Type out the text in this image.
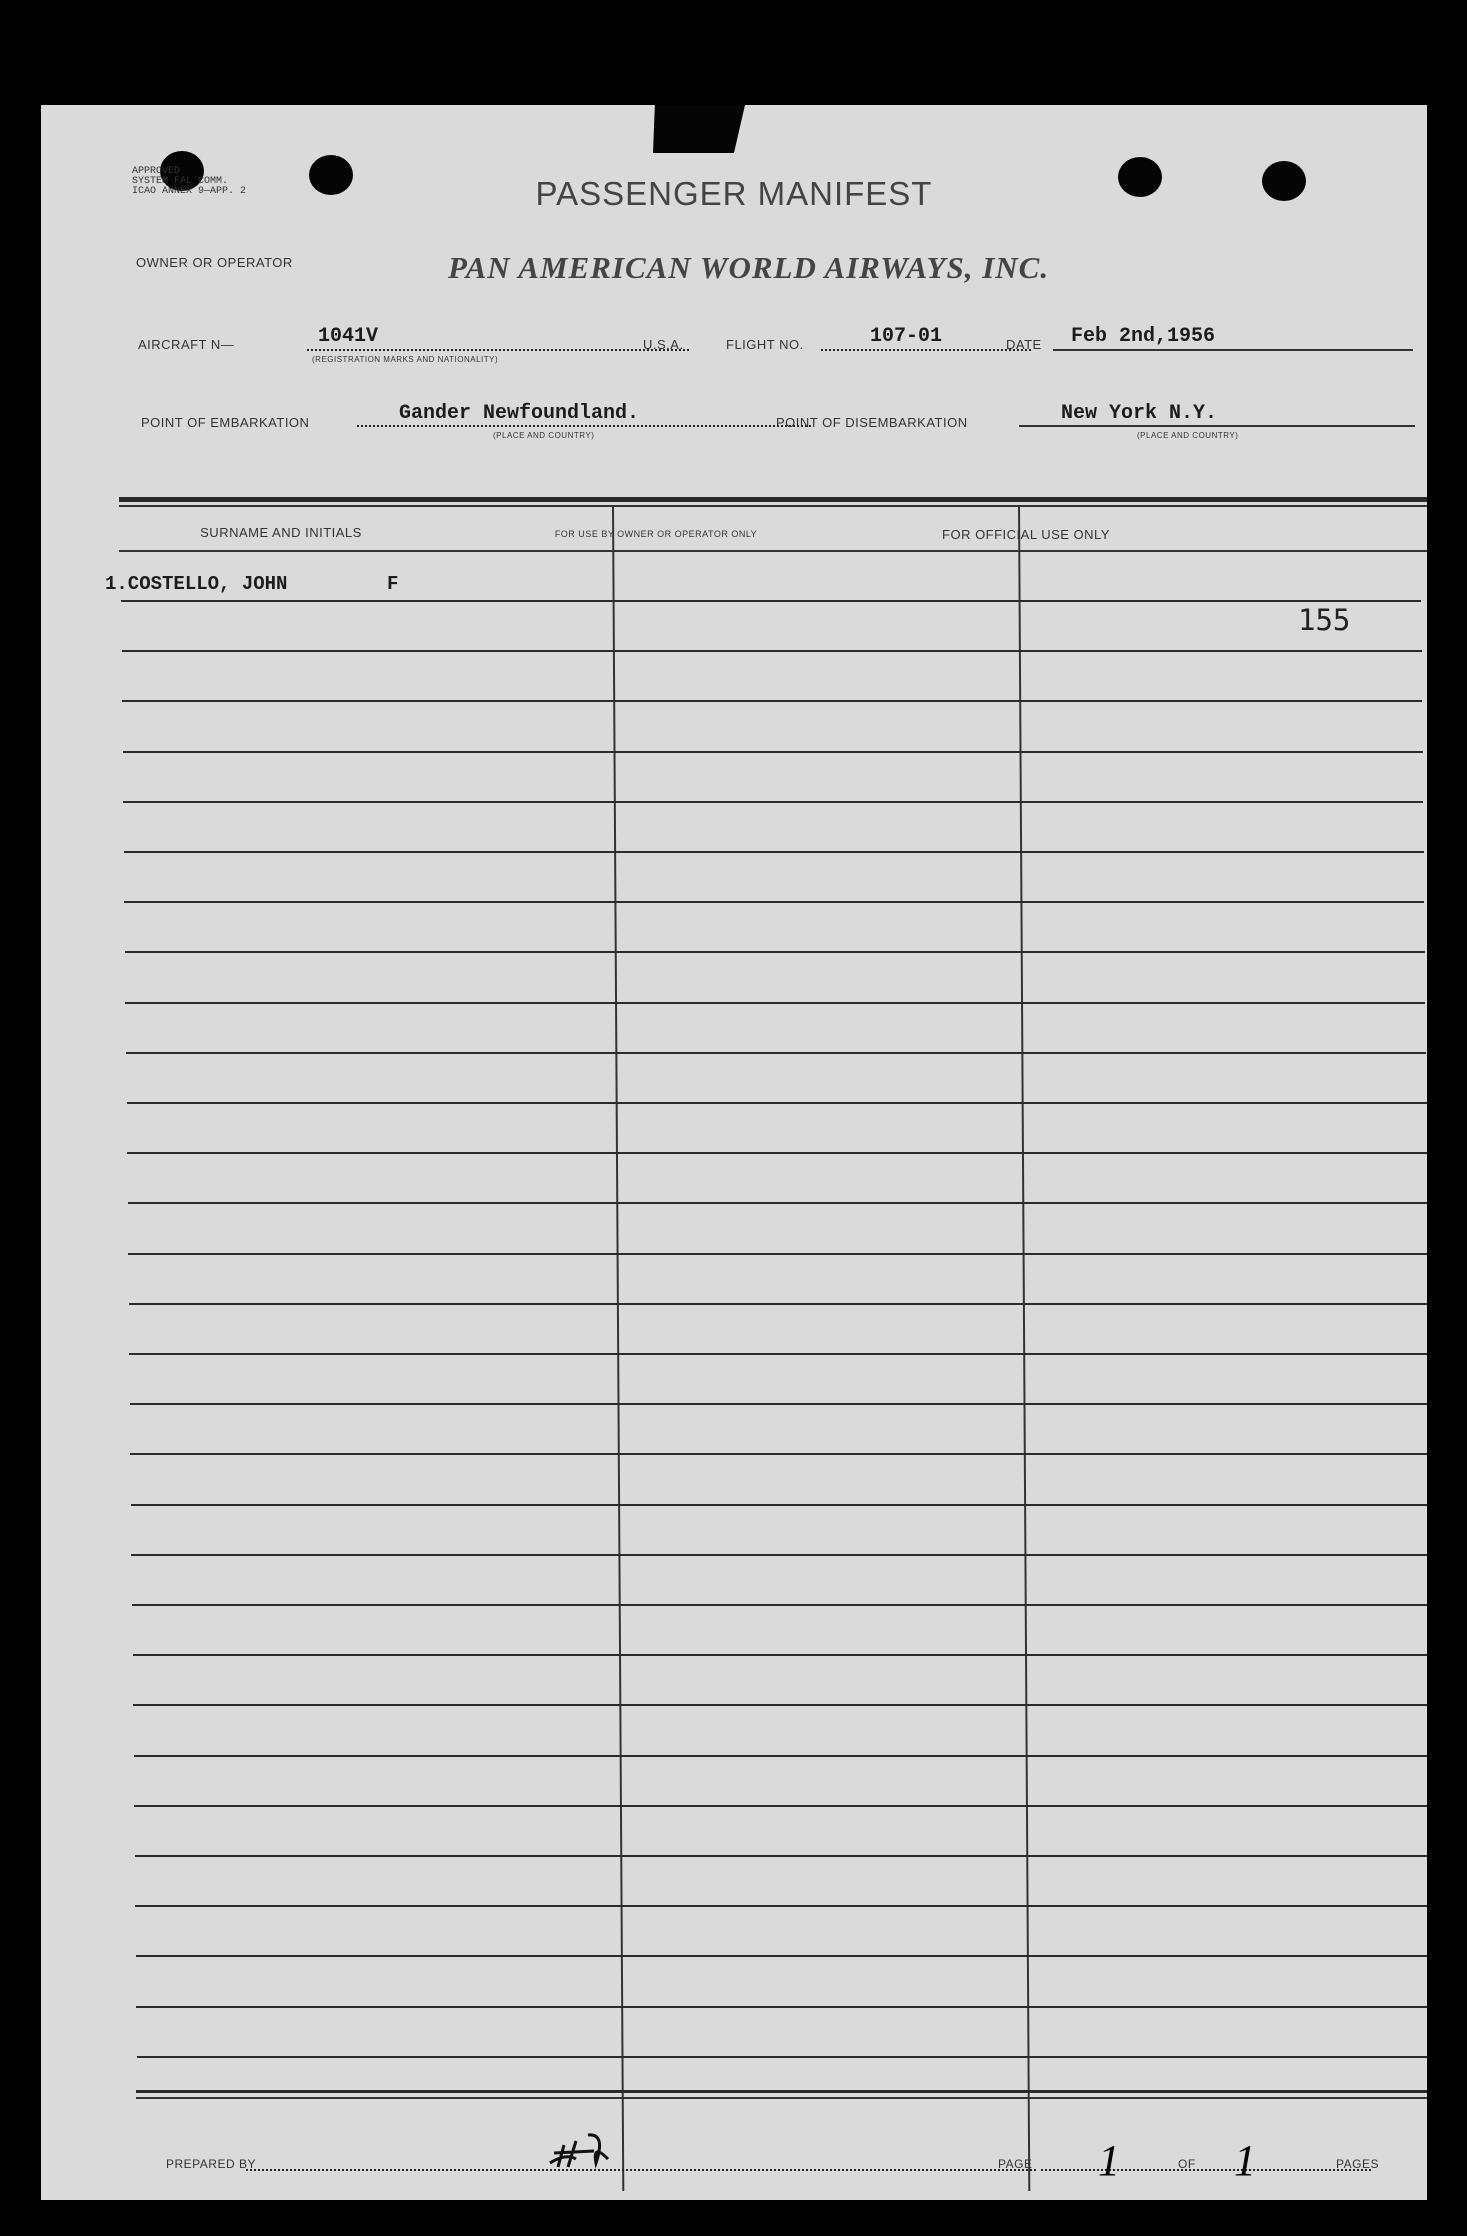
APPROVED
SYSTEM FAL COMM.
ICAO ANNEX 9—APP. 2	PASSENGER MANIFEST
OWNER OR OPERATOR	PAN AMERICAN WORLD AIRWAYS, INC.
AIRCRAFT N—	1041V
(REGISTRATION MARKS AND NATIONALITY)
U.S.A.	FLIGHT NO.	107-01	DATE Feb 2nd,1956
POINT OF EMBARKATION	Gander Newfoundland.
(PLACE AND COUNTRY)
POINT OF DISEMBARKATION	New York N.Y.
(PLACE AND COUNTRY)
SURNAME AND INITIALS	FOR USE BY OWNER OR OPERATOR ONLY	FOR OFFICIAL USE ONLY
1.COSTELLO, JOHN	F
155
PREPARED BY	PAGE 1	OF 1	PAGES
